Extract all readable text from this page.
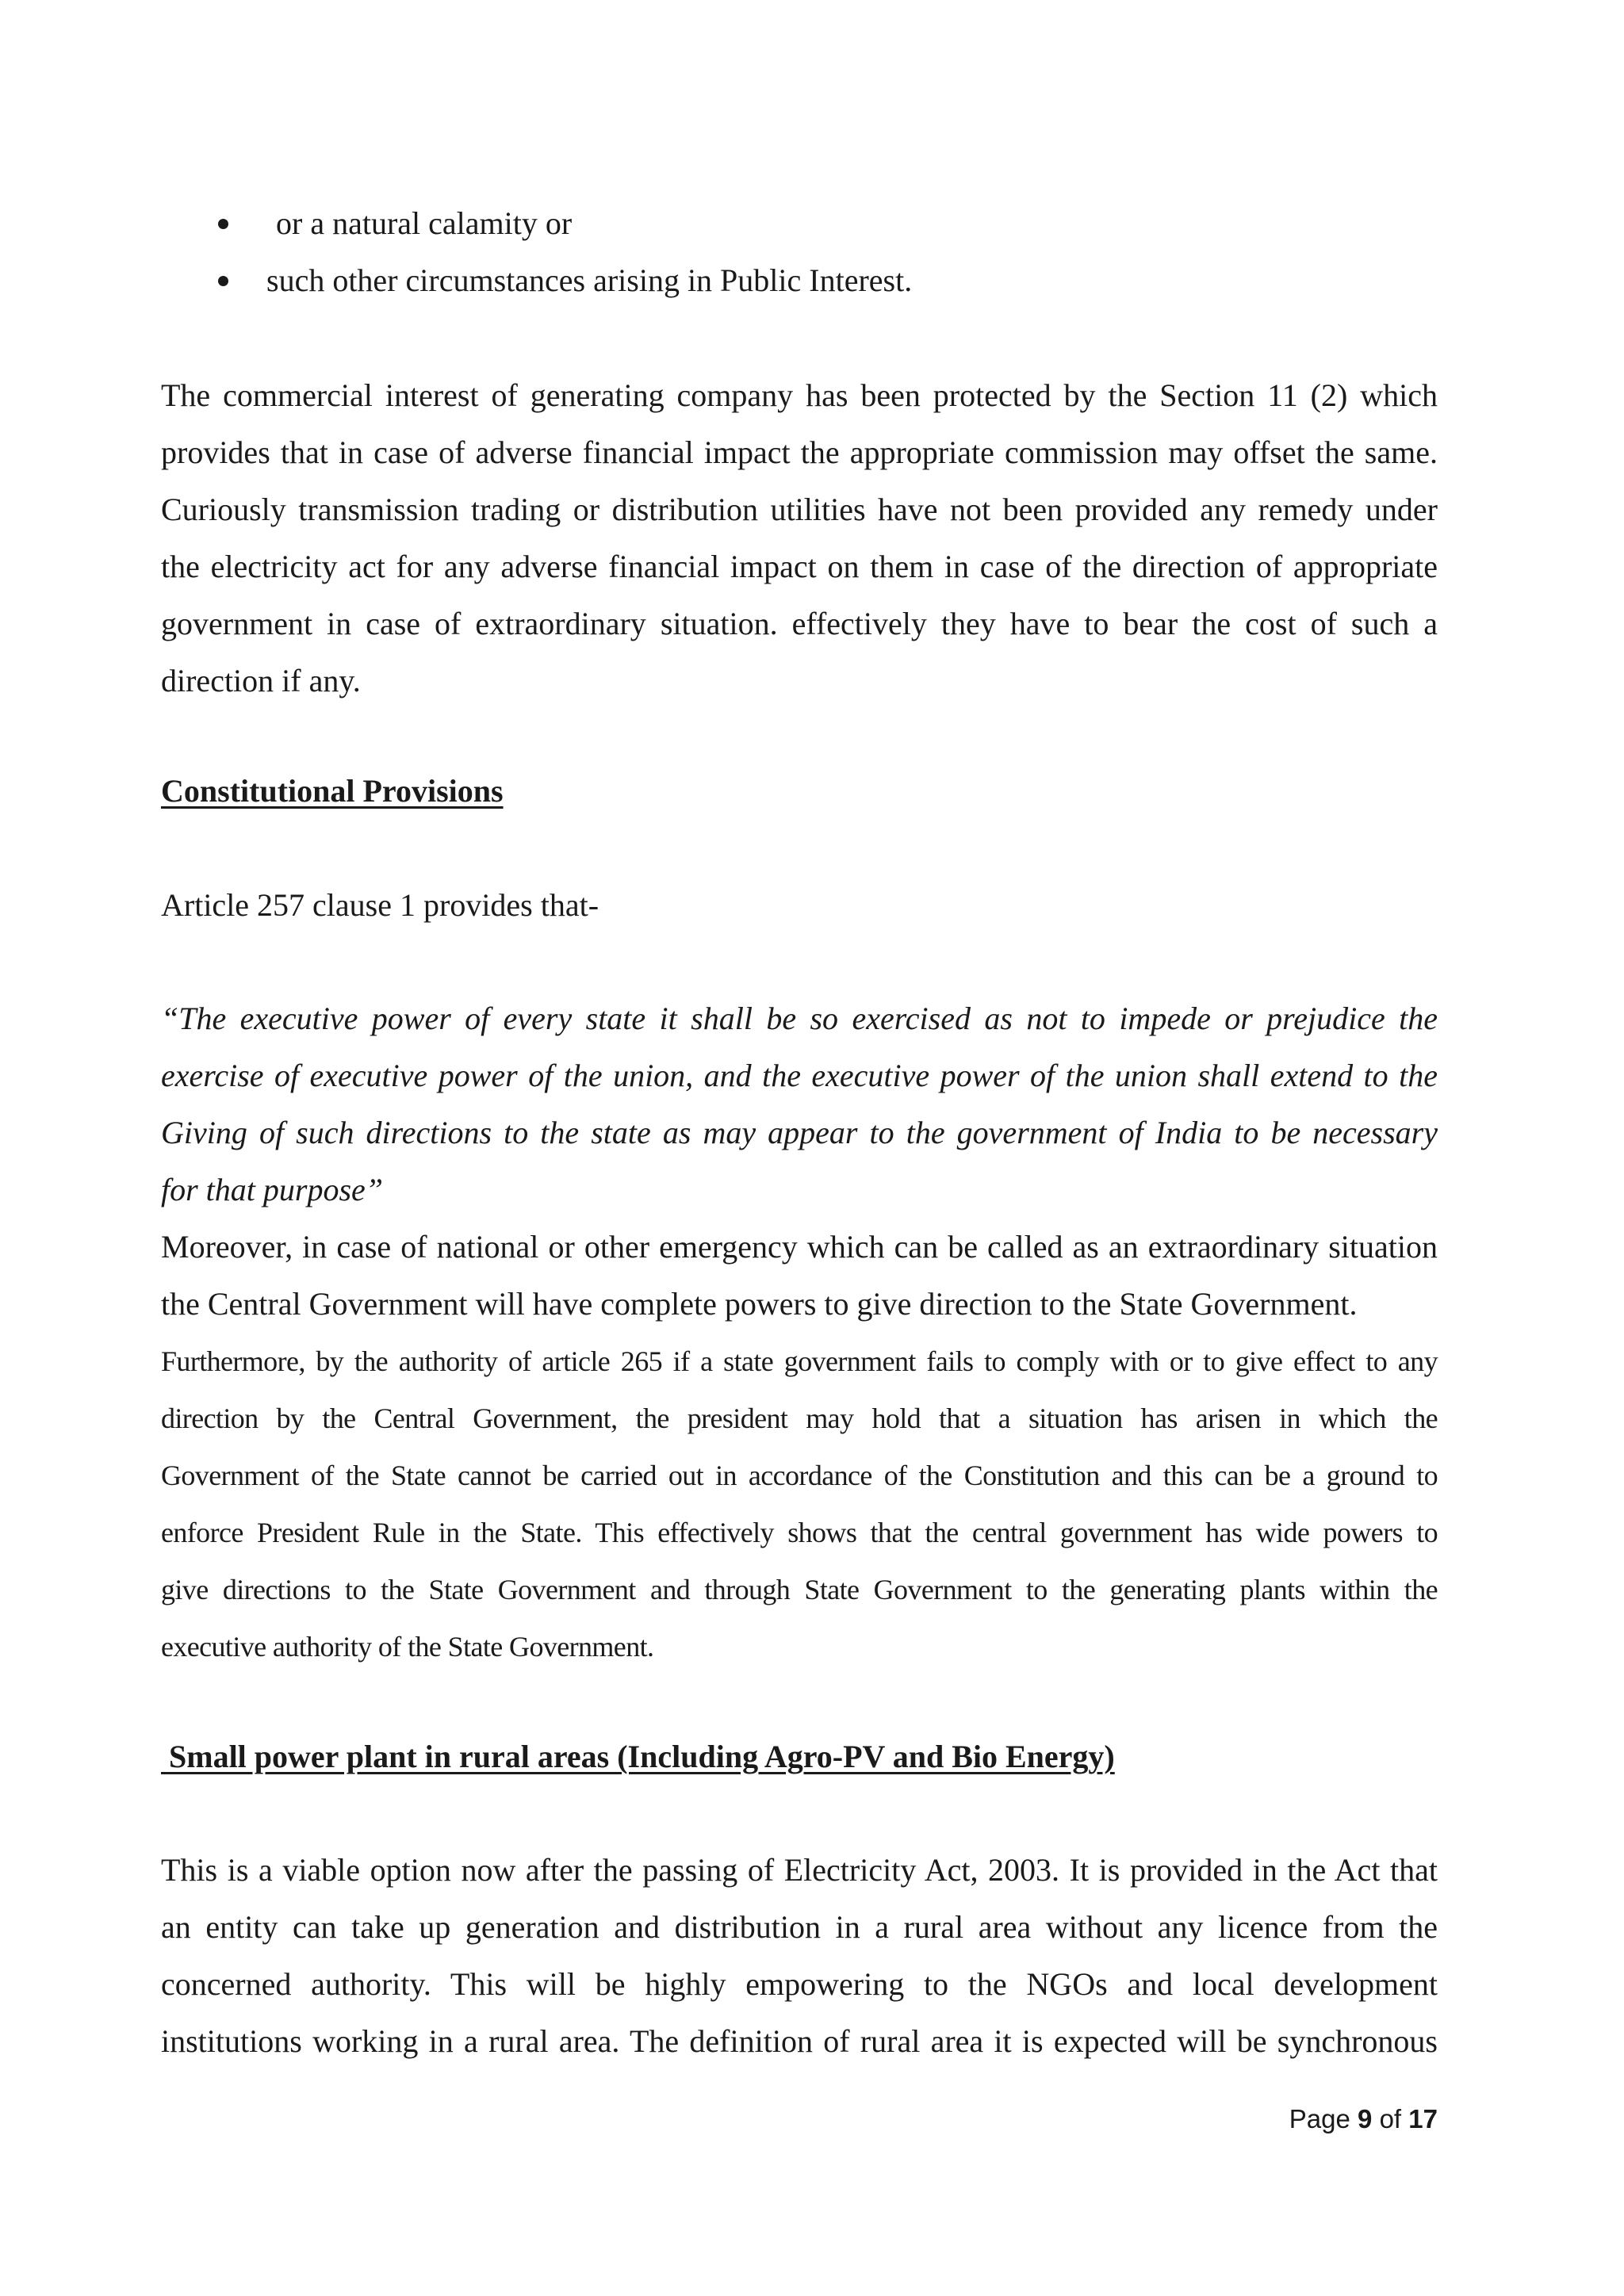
or a natural calamity or
such other circumstances arising in Public Interest.

The commercial interest of generating company has been protected by the Section 11 (2) which
provides that in case of adverse financial impact the appropriate commission may offset the same.
Curiously transmission trading or distribution utilities have not been provided any remedy under
the electricity act for any adverse financial impact on them in case of the direction of appropriate
government in case of extraordinary situation. effectively they have to bear the cost of such a
direction if any.

Constitutional Provisions

Article 257 clause 1 provides that-

“The executive power of every state it shall be so exercised as not to impede or prejudice the
exercise of executive power of the union, and the executive power of the union shall extend to the
Giving of such directions to the state as may appear to the government of India to be necessary
for that purpose”

Moreover, in case of national or other emergency which can be called as an extraordinary situation
the Central Government will have complete powers to give direction to the State Government.

Furthermore, by the authority of article 265 if a state government fails to comply with or to give effect to any
direction by the Central Government, the president may hold that a situation has arisen in which the
Government of the State cannot be carried out in accordance of the Constitution and this can be a ground to
enforce President Rule in the State. This effectively shows that the central government has wide powers to
give directions to the State Government and through State Government to the generating plants within the
executive authority of the State Government.

Small power plant in rural areas (Including Agro-PV and Bio Energy)

This is a viable option now after the passing of Electricity Act, 2003. It is provided in the Act that
an entity can take up generation and distribution in a rural area without any licence from the
concerned authority. This will be highly empowering to the NGOs and local development
institutions working in a rural area. The definition of rural area it is expected will be synchronous

Page 9 of 17
